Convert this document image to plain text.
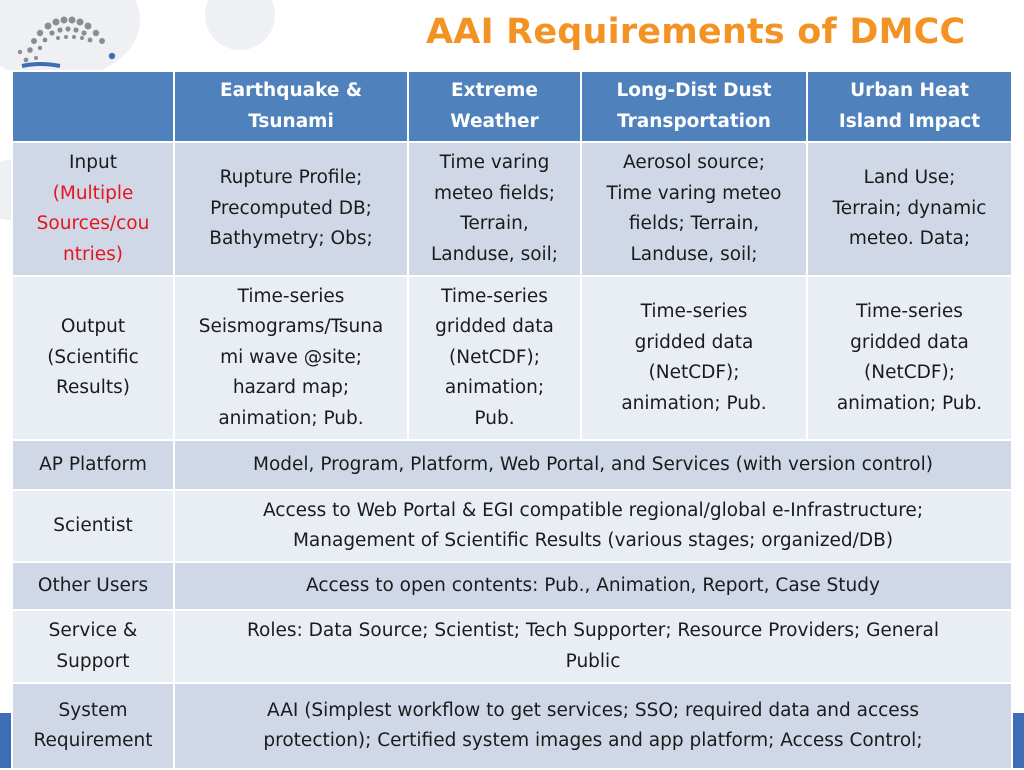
AAI Requirements of DMCC
	Earthquake &
Tsunami	Extreme
Weather	Long-Dist Dust
Transportation	Urban Heat
Island Impact
Input
(Multiple
Sources/cou
ntries)	Rupture Profile;
Precomputed DB;
Bathymetry; Obs;	Time varing
meteo fields;
Terrain,
Landuse, soil;	Aerosol source;
Time varing meteo
fields; Terrain,
Landuse, soil;	Land Use;
Terrain; dynamic
meteo. Data;
Output
(Scientific
Results)	Time-series
Seismograms/Tsuna
mi wave @site;
hazard map;
animation; Pub.	Time-series
gridded data
(NetCDF);
animation;
Pub.	Time-series
gridded data
(NetCDF);
animation; Pub.	Time-series
gridded data
(NetCDF);
animation; Pub.
AP Platform	Model, Program, Platform, Web Portal, and Services (with version control)			
Scientist	Access to Web Portal & EGI compatible regional/global e-Infrastructure;
Management of Scientific Results (various stages; organized/DB)			
Other Users	Access to open contents: Pub., Animation, Report, Case Study			
Service &
Support	Roles: Data Source; Scientist; Tech Supporter; Resource Providers; General
Public			
System
Requirement	AAI (Simplest workflow to get services; SSO; required data and access
protection); Certified system images and app platform; Access Control;			
